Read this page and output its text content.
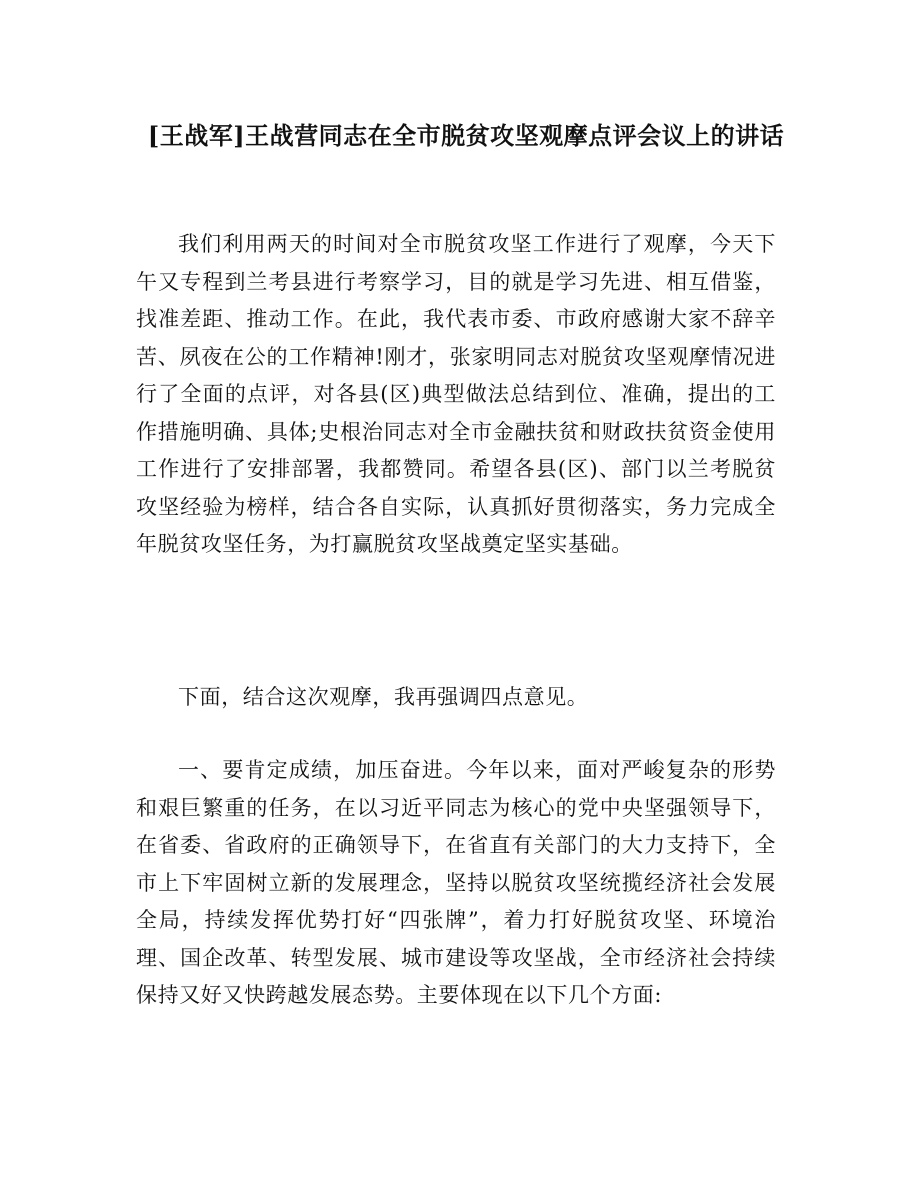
[王战军]王战营同志在全市脱贫攻坚观摩点评会议上的讲话

我们利用两天的时间对全市脱贫攻坚工作进行了观摩，今天下午又专程到兰考县进行考察学习，目的就是学习先进、相互借鉴，找准差距、推动工作。在此，我代表市委、市政府感谢大家不辞辛苦、夙夜在公的工作精神!刚才，张家明同志对脱贫攻坚观摩情况进行了全面的点评，对各县(区)典型做法总结到位、准确，提出的工作措施明确、具体;史根治同志对全市金融扶贫和财政扶贫资金使用工作进行了安排部署，我都赞同。希望各县(区)、部门以兰考脱贫攻坚经验为榜样，结合各自实际，认真抓好贯彻落实，务力完成全年脱贫攻坚任务，为打赢脱贫攻坚战奠定坚实基础。

下面，结合这次观摩，我再强调四点意见。

一、要肯定成绩，加压奋进。今年以来，面对严峻复杂的形势和艰巨繁重的任务，在以习近平同志为核心的党中央坚强领导下，在省委、省政府的正确领导下，在省直有关部门的大力支持下，全市上下牢固树立新的发展理念，坚持以脱贫攻坚统揽经济社会发展全局，持续发挥优势打好“四张牌”，着力打好脱贫攻坚、环境治理、国企改革、转型发展、城市建设等攻坚战，全市经济社会持续保持又好又快跨越发展态势。主要体现在以下几个方面:
